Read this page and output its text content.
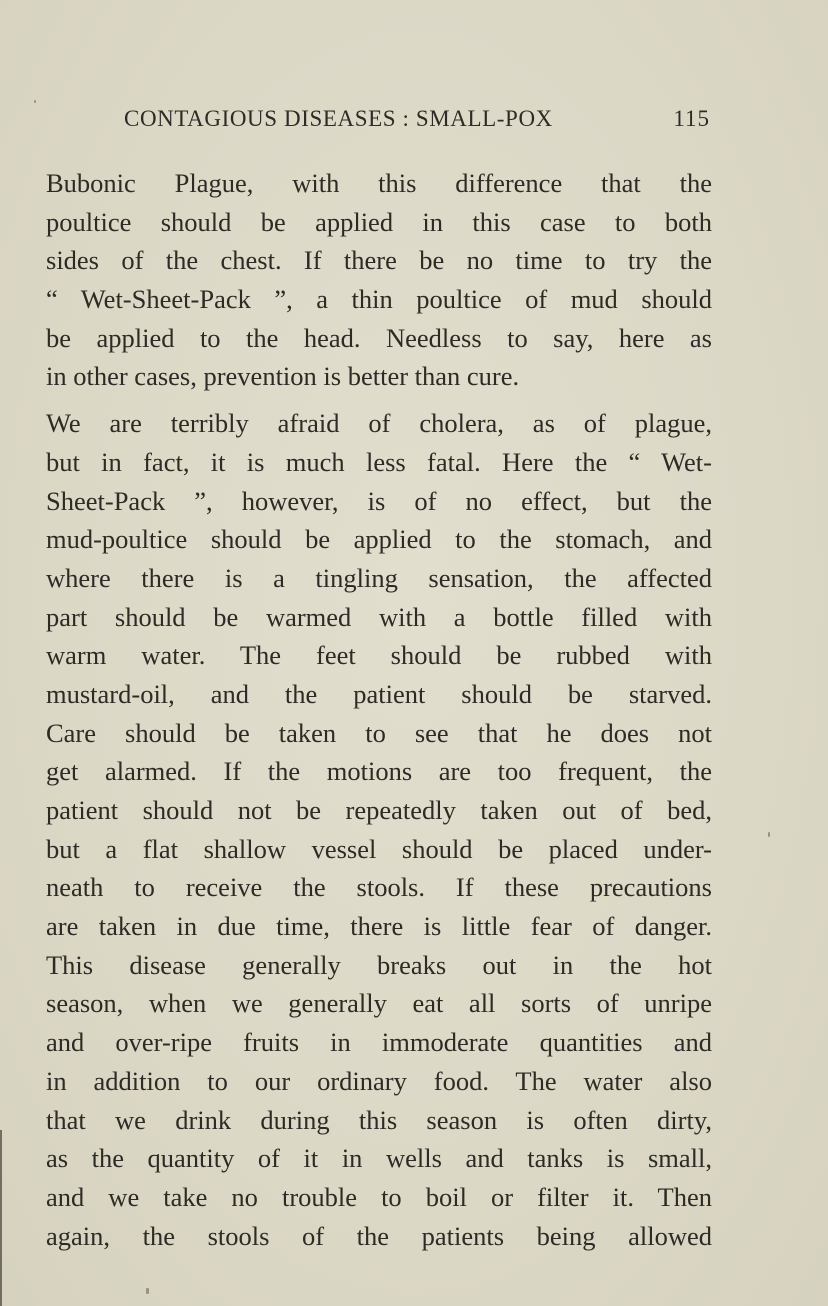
CONTAGIOUS DISEASES : SMALL-POX	115
Bubonic Plague, with this difference that the
poultice should be applied in this case to both
sides of the chest. If there be no time to try the
“ Wet-Sheet-Pack ”, a thin poultice of mud should
be applied to the head. Needless to say, here as
in other cases, prevention is better than cure.
We are terribly afraid of cholera, as of plague,
but in fact, it is much less fatal. Here the “ Wet-
Sheet-Pack ”, however, is of no effect, but the
mud-poultice should be applied to the stomach, and
where there is a tingling sensation, the affected
part should be warmed with a bottle filled with
warm water. The feet should be rubbed with
mustard-oil, and the patient should be starved.
Care should be taken to see that he does not
get alarmed. If the motions are too frequent, the
patient should not be repeatedly taken out of bed,
but a flat shallow vessel should be placed under-
neath to receive the stools. If these precautions
are taken in due time, there is little fear of danger.
This disease generally breaks out in the hot
season, when we generally eat all sorts of unripe
and over-ripe fruits in immoderate quantities and
in addition to our ordinary food. The water also
that we drink during this season is often dirty,
as the quantity of it in wells and tanks is small,
and we take no trouble to boil or filter it. Then
again, the stools of the patients being allowed
